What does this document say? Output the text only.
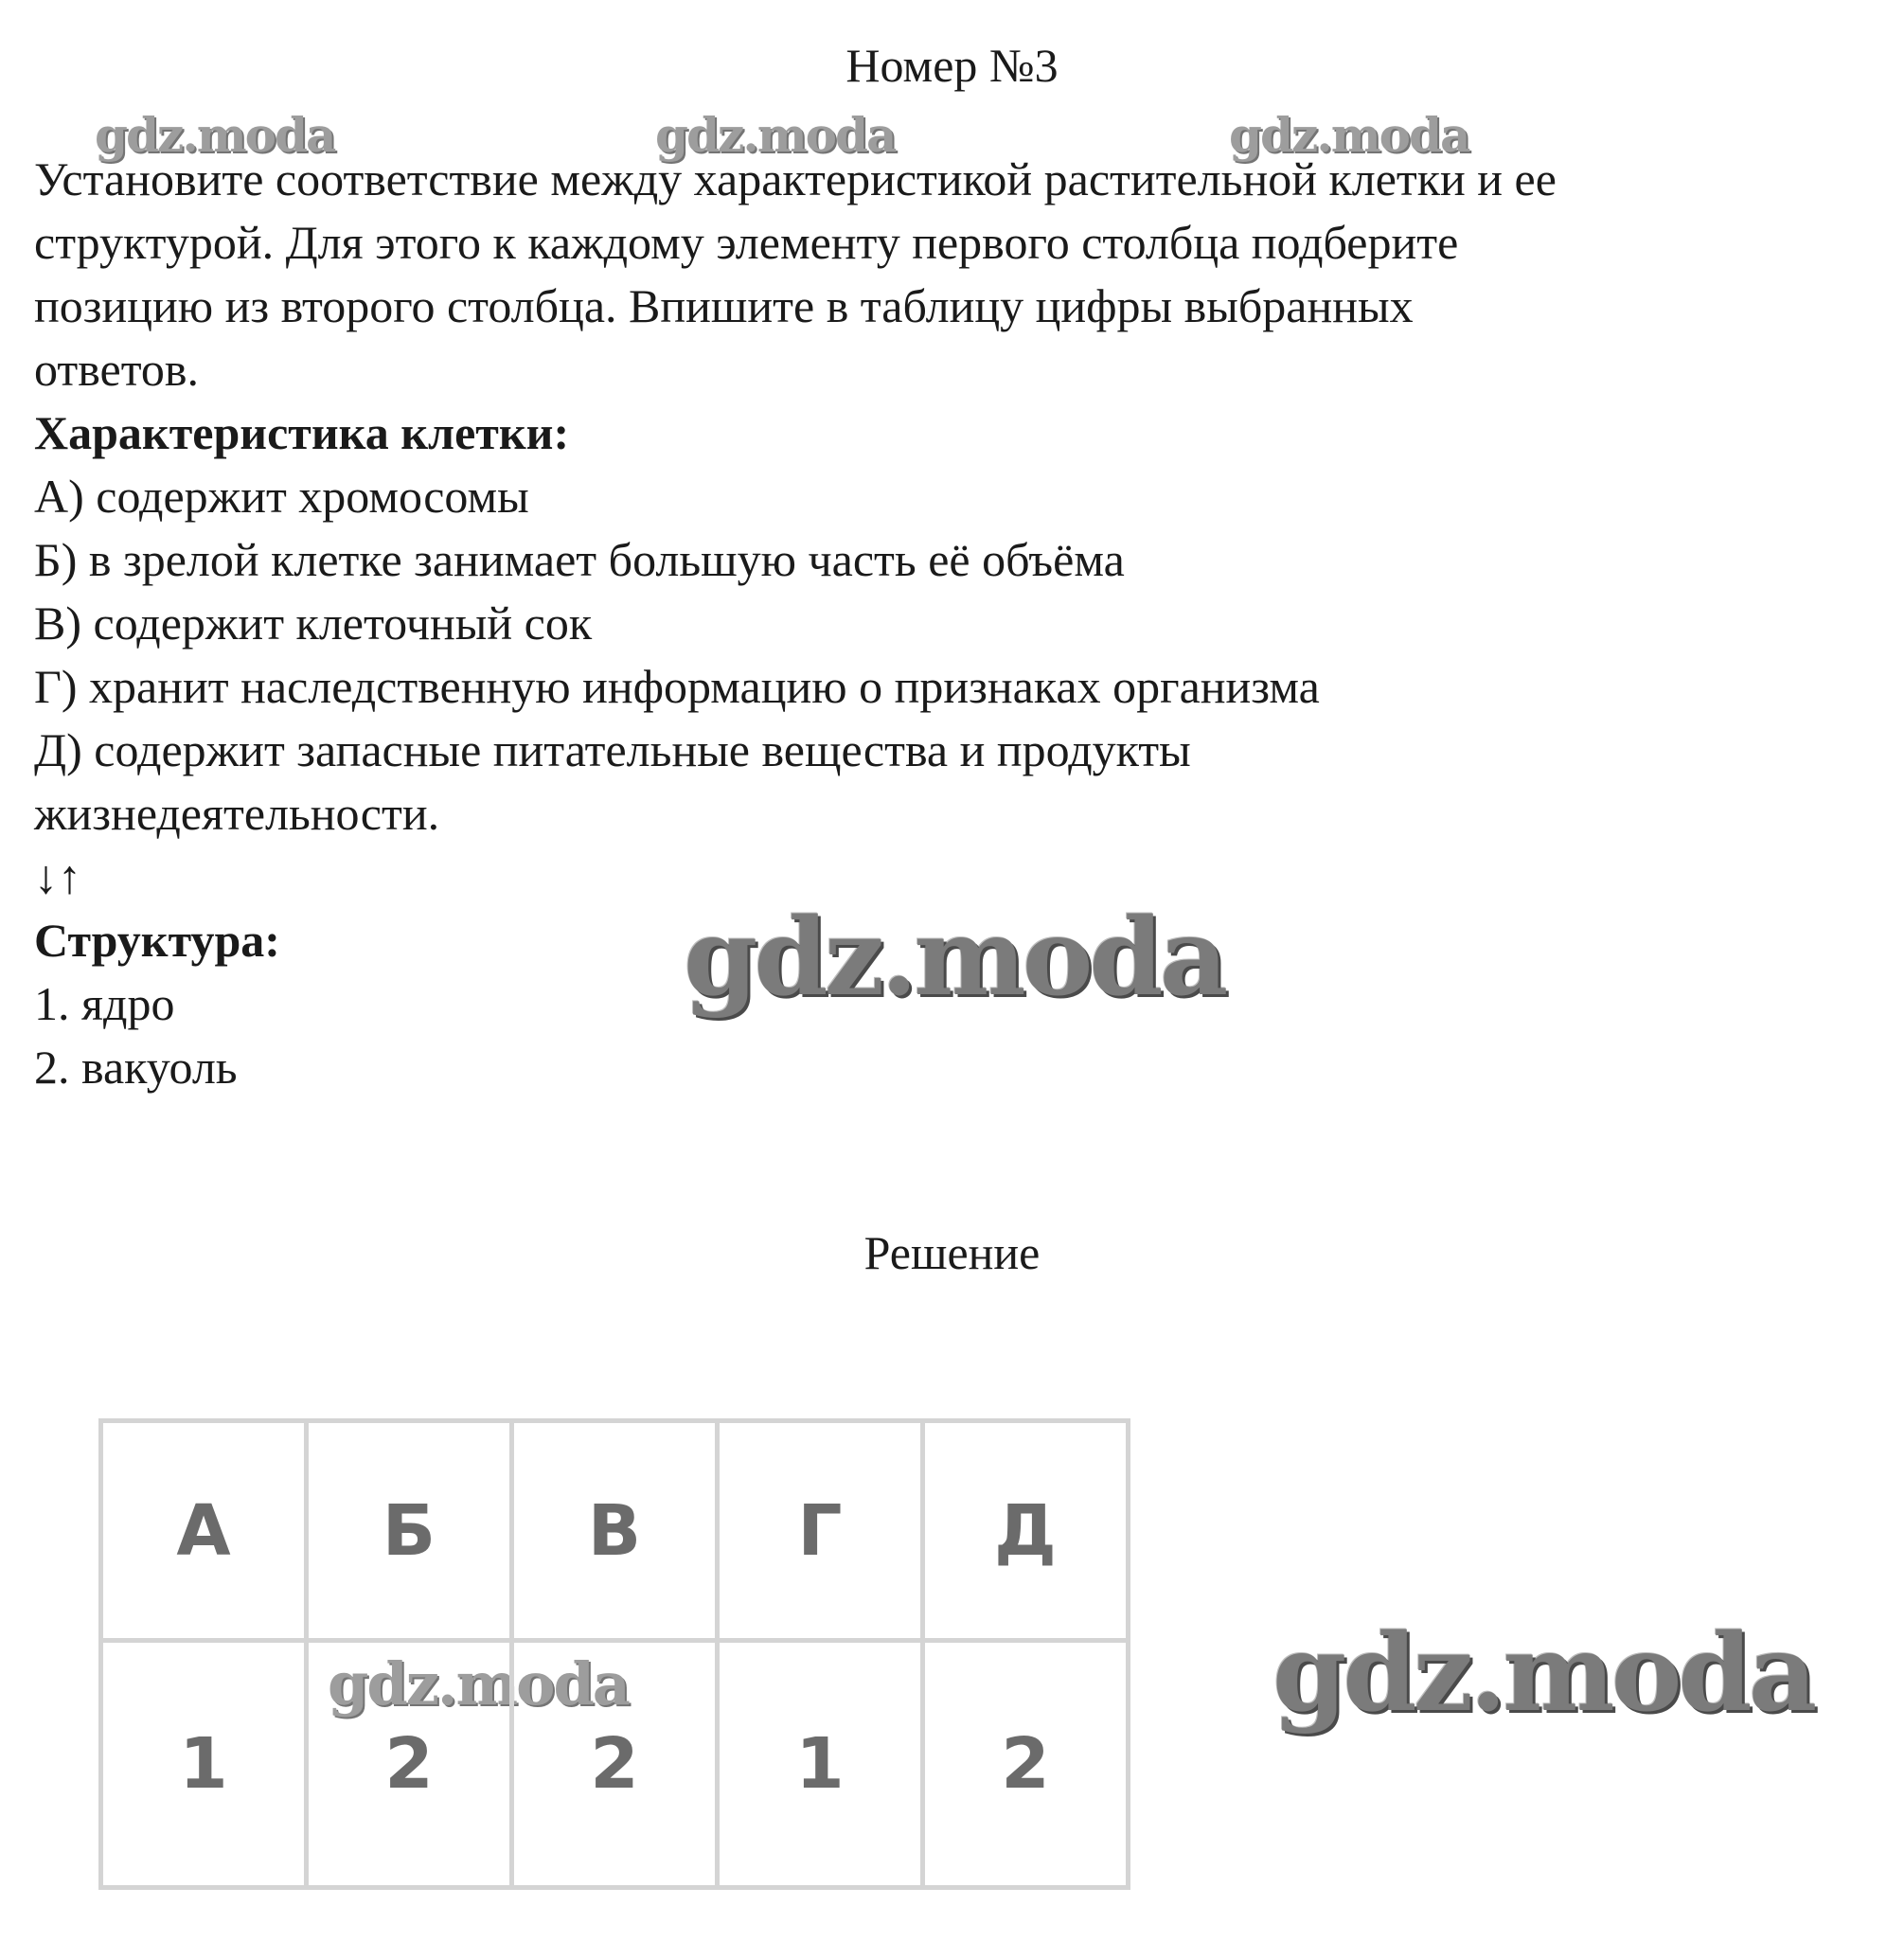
Номер №3
gdz.moda	gdz.moda	gdz.moda
Установите соответствие между характеристикой растительной клетки и ее
структурой. Для этого к каждому элементу первого столбца подберите
позицию из второго столбца. Впишите в таблицу цифры выбранных
ответов.
Характеристика клетки:
А) содержит хромосомы
Б) в зрелой клетке занимает большую часть её объёма
В) содержит клеточный сок
Г) хранит наследственную информацию о признаках организма
Д) содержит запасные питательные вещества и продукты
жизнедеятельности.
↓↑
Структура:
1. ядро
2. вакуоль
gdz.moda
Решение
А	Б	В	Г	Д
1	2	2	1	2
gdz.moda	gdz.moda
